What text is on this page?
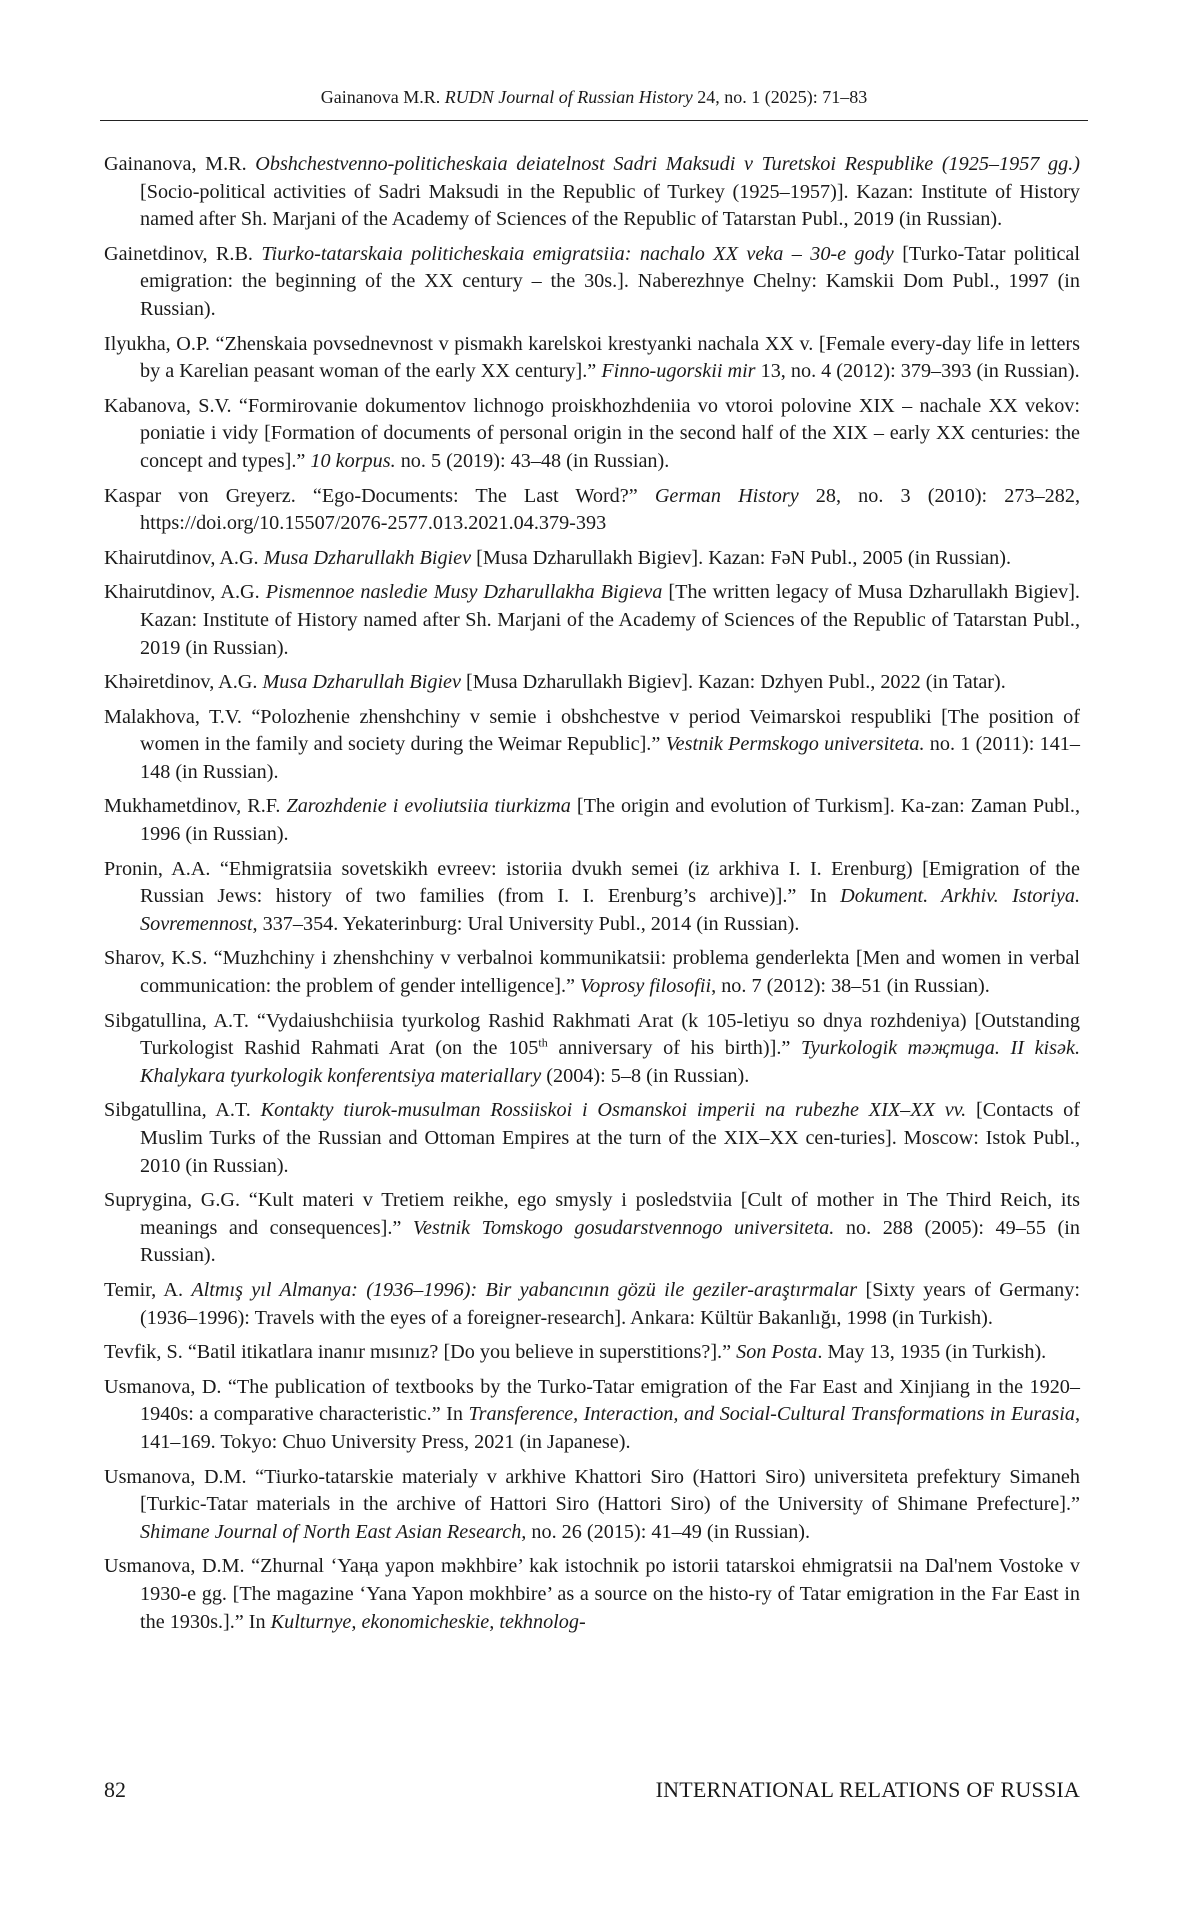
Gainanova M.R. RUDN Journal of Russian History 24, no. 1 (2025): 71–83

Gainanova, M.R. Obshchestvenno-politicheskaia deiatelnost Sadri Maksudi v Turetskoi Respublike (1925–1957 gg.) [Socio-political activities of Sadri Maksudi in the Republic of Turkey (1925–1957)]. Kazan: Institute of History named after Sh. Marjani of the Academy of Sciences of the Republic of Tatarstan Publ., 2019 (in Russian).

Gainetdinov, R.B. Tiurko-tatarskaia politicheskaia emigratsiia: nachalo XX veka – 30-e gody [Turko-Tatar political emigration: the beginning of the XX century – the 30s.]. Naberezhnye Chelny: Kamskii Dom Publ., 1997 (in Russian).

Ilyukha, O.P. “Zhenskaia povsednevnost v pismakh karelskoi krestyanki nachala XX v. [Female every-day life in letters by a Karelian peasant woman of the early XX century].” Finno-ugorskii mir 13, no. 4 (2012): 379–393 (in Russian).

Kabanova, S.V. “Formirovanie dokumentov lichnogo proiskhozhdeniia vo vtoroi polovine XIX – nachale XX vekov: poniatie i vidy [Formation of documents of personal origin in the second half of the XIX – early XX centuries: the concept and types].” 10 korpus. no. 5 (2019): 43–48 (in Russian).

Kaspar von Greyerz. “Ego-Documents: The Last Word?” German History 28, no. 3 (2010): 273–282, https://doi.org/10.15507/2076-2577.013.2021.04.379-393

Khairutdinov, A.G. Musa Dzharullakh Bigiev [Musa Dzharullakh Bigiev]. Kazan: FəN Publ., 2005 (in Russian).

Khairutdinov, A.G. Pismennoe nasledie Musy Dzharullakha Bigieva [The written legacy of Musa Dzharullakh Bigiev]. Kazan: Institute of History named after Sh. Marjani of the Academy of Sciences of the Republic of Tatarstan Publ., 2019 (in Russian).

Khəiretdinov, A.G. Musa Dzharullah Bigiev [Musa Dzharullakh Bigiev]. Kazan: Dzhyen Publ., 2022 (in Tatar).

Malakhova, T.V. “Polozhenie zhenshchiny v semie i obshchestve v period Veimarskoi respubliki [The position of women in the family and society during the Weimar Republic].” Vestnik Permskogo universiteta. no. 1 (2011): 141–148 (in Russian).

Mukhametdinov, R.F. Zarozhdenie i evoliutsiia tiurkizma [The origin and evolution of Turkism]. Ka-zan: Zaman Publ., 1996 (in Russian).

Pronin, A.A. “Ehmigratsiia sovetskikh evreev: istoriia dvukh semei (iz arkhiva I. I. Erenburg) [Emigration of the Russian Jews: history of two families (from I. I. Erenburg’s archive)].” In Dokument. Arkhiv. Istoriya. Sovremennost, 337–354. Yekaterinburg: Ural University Publ., 2014 (in Russian).

Sharov, K.S. “Muzhchiny i zhenshchiny v verbalnoi kommunikatsii: problema genderlekta [Men and women in verbal communication: the problem of gender intelligence].” Voprosy filosofii, no. 7 (2012): 38–51 (in Russian).

Sibgatullina, A.T. “Vydaiushchiisia tyurkolog Rashid Rakhmati Arat (k 105-letiyu so dnya rozhdeniya) [Outstanding Turkologist Rashid Rahmati Arat (on the 105th anniversary of his birth)].” Tyurkologik məҗmuga. II kisək. Khalykara tyurkologik konferentsiya materiallary (2004): 5–8 (in Russian).

Sibgatullina, A.T. Kontakty tiurok-musulman Rossiiskoi i Osmanskoi imperii na rubezhe XIX–XX vv. [Contacts of Muslim Turks of the Russian and Ottoman Empires at the turn of the XIX–XX cen-turies]. Moscow: Istok Publ., 2010 (in Russian).

Suprygina, G.G. “Kult materi v Tretiem reikhe, ego smysly i posledstviia [Cult of mother in The Third Reich, its meanings and consequences].” Vestnik Tomskogo gosudarstvennogo universiteta. no. 288 (2005): 49–55 (in Russian).

Temir, A. Altmış yıl Almanya: (1936–1996): Bir yabancının gözü ile geziler-araştırmalar [Sixty years of Germany: (1936–1996): Travels with the eyes of a foreigner-research]. Ankara: Kültür Bakanlığı, 1998 (in Turkish).

Tevfik, S. “Batil itikatlara inanır mısınız? [Do you believe in superstitions?].” Son Posta. May 13, 1935 (in Turkish).

Usmanova, D. “The publication of textbooks by the Turko-Tatar emigration of the Far East and Xinjiang in the 1920–1940s: a comparative characteristic.” In Transference, Interaction, and Social-Cultural Transformations in Eurasia, 141–169. Tokyo: Chuo University Press, 2021 (in Japanese).

Usmanova, D.M. “Tiurko-tatarskie materialy v arkhive Khattori Siro (Hattori Siro) universiteta prefektury Simaneh [Turkic-Tatar materials in the archive of Hattori Siro (Hattori Siro) of the University of Shimane Prefecture].” Shimane Journal of North East Asian Research, no. 26 (2015): 41–49 (in Russian).

Usmanova, D.M. “Zhurnal ‘Yaңa yapon məkhbire’ kak istochnik po istorii tatarskoi ehmigratsii na Dal'nem Vostoke v 1930-e gg. [The magazine ‘Yana Yapon mokhbire’ as a source on the histo-ry of Tatar emigration in the Far East in the 1930s.].” In Kulturnye, ekonomicheskie, tekhnolog-

82	INTERNATIONAL RELATIONS OF RUSSIA
